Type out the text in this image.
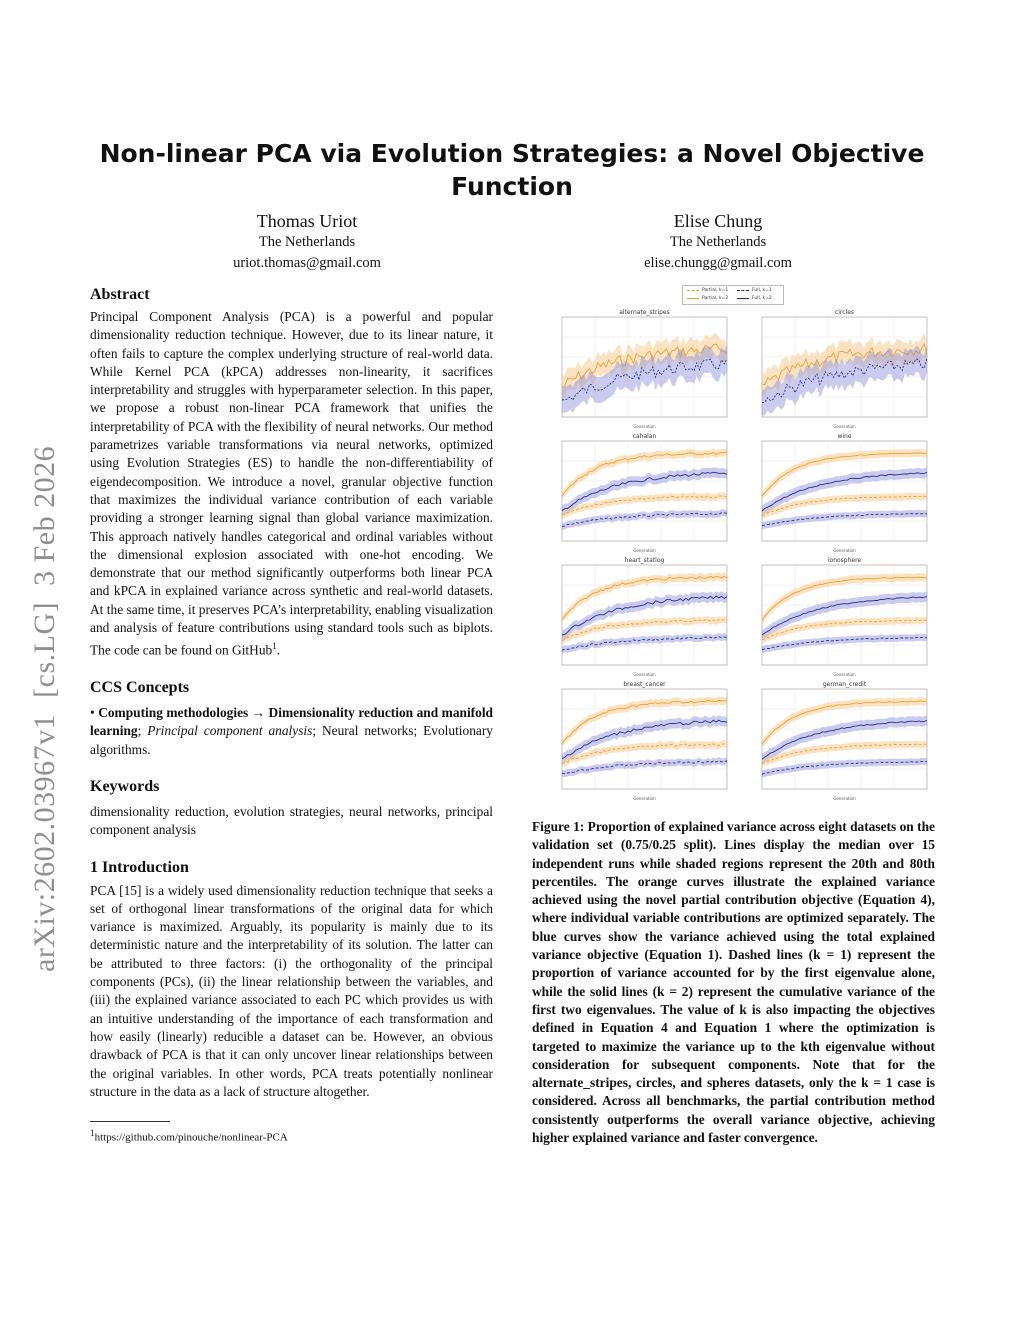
arXiv:2602.03967v1  [cs.LG]  3 Feb 2026
Non-linear PCA via Evolution Strategies: a Novel Objective Function
Thomas Uriot
The Netherlands
uriot.thomas@gmail.com
Elise Chung
The Netherlands
elise.chungg@gmail.com
Abstract

Principal Component Analysis (PCA) is a powerful and popular dimensionality reduction technique. However, due to its linear nature, it often fails to capture the complex underlying structure of real-world data. While Kernel PCA (kPCA) addresses non-linearity, it sacrifices interpretability and struggles with hyperparameter selection. In this paper, we propose a robust non-linear PCA framework that unifies the interpretability of PCA with the flexibility of neural networks. Our method parametrizes variable transformations via neural networks, optimized using Evolution Strategies (ES) to handle the non-differentiability of eigendecomposition. We introduce a novel, granular objective function that maximizes the individual variance contribution of each variable providing a stronger learning signal than global variance maximization. This approach natively handles categorical and ordinal variables without the dimensional explosion associated with one-hot encoding. We demonstrate that our method significantly outperforms both linear PCA and kPCA in explained variance across synthetic and real-world datasets. At the same time, it preserves PCA’s interpretability, enabling visualization and analysis of feature contributions using standard tools such as biplots. The code can be found on GitHub$^1$.

CCS Concepts

• Computing methodologies → Dimensionality reduction and manifold learning; Principal component analysis; Neural networks; Evolutionary algorithms.

Keywords

dimensionality reduction, evolution strategies, neural networks, principal component analysis

1 Introduction

PCA [15] is a widely used dimensionality reduction technique that seeks a set of orthogonal linear transformations of the original data for which variance is maximized. Arguably, its popularity is mainly due to its deterministic nature and the interpretability of its solution. The latter can be attributed to three factors: (i) the orthogonality of the principal components (PCs), (ii) the linear relationship between the variables, and (iii) the explained variance associated to each PC which provides us with an intuitive understanding of the importance of each transformation and how easily (linearly) reducible a dataset can be. However, an obvious drawback of PCA is that it can only uncover linear relationships between the original variables. In other words, PCA treats potentially nonlinear structure in the data as a lack of structure altogether.

$^1$https://github.com/pinouche/nonlinear-PCA
Partial, k=1	Full, k=1
Partial, k=2	Full, k=2
alternate_stripes
Generation
circles
Generation
cahalan
Generation
wine
Generation
heart_statlog
Generation
ionosphere
Generation
breast_cancer
Generation
german_credit
Generation

Figure 1: Proportion of explained variance across eight datasets on the validation set (0.75/0.25 split). Lines display the median over 15 independent runs while shaded regions represent the 20th and 80th percentiles. The orange curves illustrate the explained variance achieved using the novel partial contribution objective (Equation 4), where individual variable contributions are optimized separately. The blue curves show the variance achieved using the total explained variance objective (Equation 1). Dashed lines (k = 1) represent the proportion of variance accounted for by the first eigenvalue alone, while the solid lines (k = 2) represent the cumulative variance of the first two eigenvalues. The value of k is also impacting the objectives defined in Equation 4 and Equation 1 where the optimization is targeted to maximize the variance up to the kth eigenvalue without consideration for subsequent components. Note that for the alternate_stripes, circles, and spheres datasets, only the k = 1 case is considered. Across all benchmarks, the partial contribution method consistently outperforms the overall variance objective, achieving higher explained variance and faster convergence.
